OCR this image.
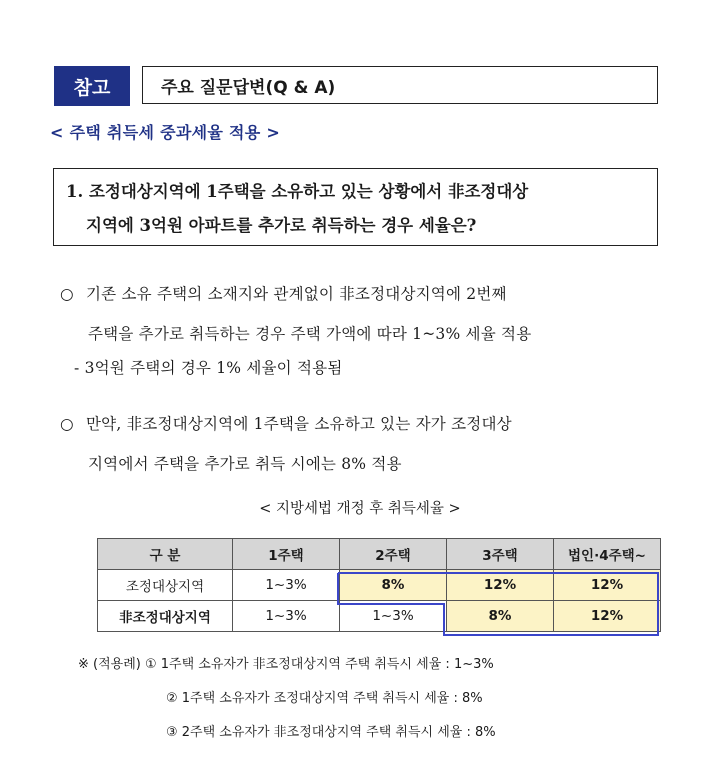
참고	주요 질문답변(Q & A)
< 주택 취득세 중과세율 적용 >
1. 조정대상지역에 1주택을 소유하고 있는 상황에서 非조정대상
지역에 3억원 아파트를 추가로 취득하는 경우 세율은?
○ 기존 소유 주택의 소재지와 관계없이 非조정대상지역에 2번째
주택을 추가로 취득하는 경우 주택 가액에 따라 1~3% 세율 적용
- 3억원 주택의 경우 1% 세율이 적용됨
○ 만약, 非조정대상지역에 1주택을 소유하고 있는 자가 조정대상
지역에서 주택을 추가로 취득 시에는 8% 적용
< 지방세법 개정 후 취득세율 >
구 분	1주택	2주택	3주택	법인·4주택~
조정대상지역	1~3%	8%	12%	12%
非조정대상지역	1~3%	1~3%	8%	12%
※ (적용례) ① 1주택 소유자가 非조정대상지역 주택 취득시 세율 : 1~3%
② 1주택 소유자가 조정대상지역 주택 취득시 세율 : 8%
③ 2주택 소유자가 非조정대상지역 주택 취득시 세율 : 8%
